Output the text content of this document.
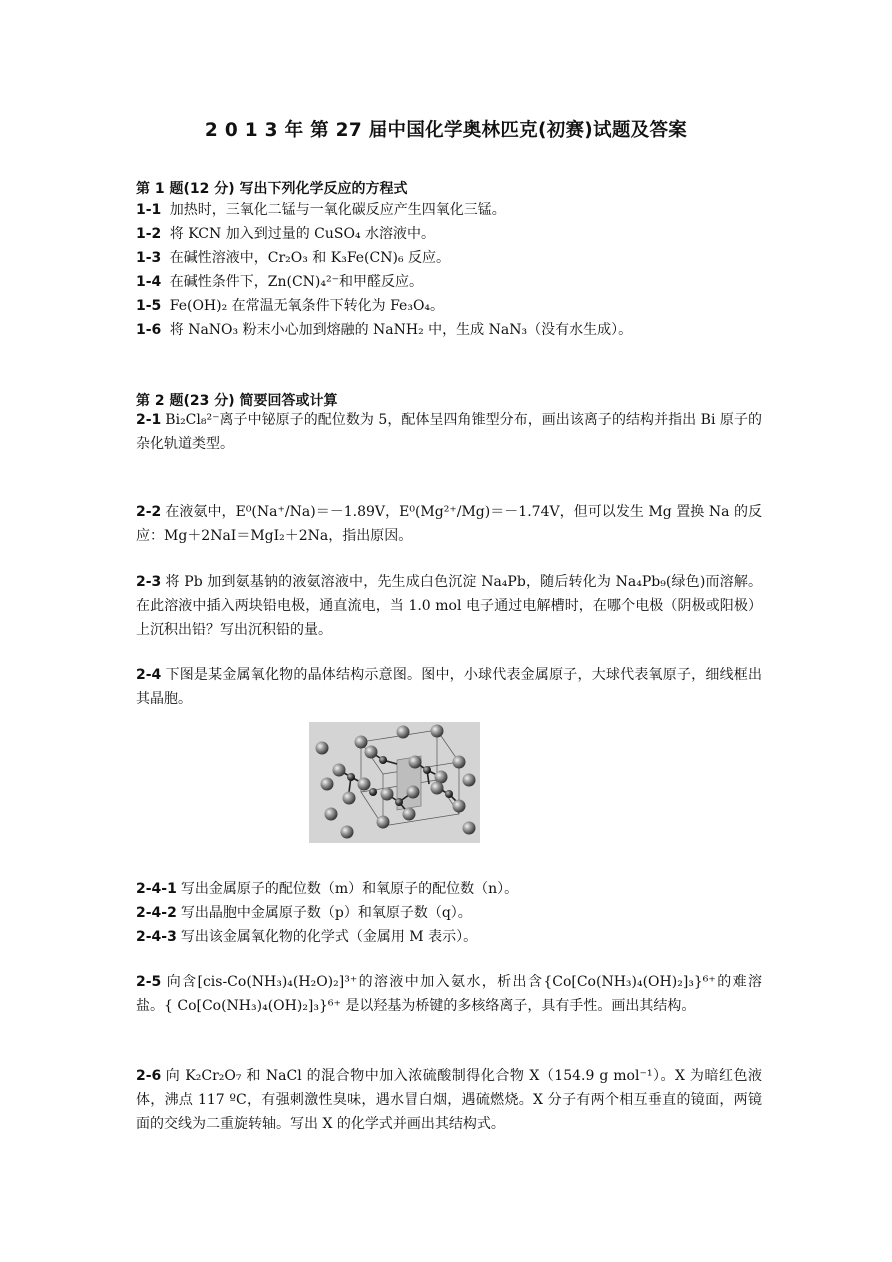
2 0 1 3 年 第 27 届中国化学奥林匹克(初赛)试题及答案
第 1 题(12 分) 写出下列化学反应的方程式
1-1 加热时，三氧化二锰与一氧化碳反应产生四氧化三锰。
1-2 将 KCN 加入到过量的 CuSO₄ 水溶液中。
1-3 在碱性溶液中，Cr₂O₃ 和 K₃Fe(CN)₆ 反应。
1-4 在碱性条件下，Zn(CN)₄²⁻和甲醛反应。
1-5 Fe(OH)₂ 在常温无氧条件下转化为 Fe₃O₄。
1-6 将 NaNO₃ 粉末小心加到熔融的 NaNH₂ 中，生成 NaN₃（没有水生成）。
第 2 题(23 分) 简要回答或计算
2-1 Bi₂Cl₈²⁻离子中铋原子的配位数为 5，配体呈四角锥型分布，画出该离子的结构并指出 Bi 原子的杂化轨道类型。
2-2 在液氨中，E⁰(Na⁺/Na)＝－1.89V，E⁰(Mg²⁺/Mg)＝－1.74V，但可以发生 Mg 置换 Na 的反应：Mg＋2NaI＝MgI₂＋2Na，指出原因。
2-3 将 Pb 加到氨基钠的液氨溶液中，先生成白色沉淀 Na₄Pb，随后转化为 Na₄Pb₉(绿色)而溶解。在此溶液中插入两块铅电极，通直流电，当 1.0 mol 电子通过电解槽时，在哪个电极（阴极或阳极）上沉积出铅？写出沉积铅的量。
2-4 下图是某金属氧化物的晶体结构示意图。图中，小球代表金属原子，大球代表氧原子，细线框出其晶胞。
2-4-1 写出金属原子的配位数（m）和氧原子的配位数（n）。
2-4-2 写出晶胞中金属原子数（p）和氧原子数（q）。
2-4-3 写出该金属氧化物的化学式（金属用 M 表示）。
2-5 向含[cis-Co(NH₃)₄(H₂O)₂]³⁺的溶液中加入氨水，析出含{Co[Co(NH₃)₄(OH)₂]₃}⁶⁺的难溶盐。{ Co[Co(NH₃)₄(OH)₂]₃}⁶⁺ 是以羟基为桥键的多核络离子，具有手性。画出其结构。
2-6 向 K₂Cr₂O₇ 和 NaCl 的混合物中加入浓硫酸制得化合物 X（154.9 g mol⁻¹）。X 为暗红色液体，沸点 117 ºC，有强刺激性臭味，遇水冒白烟，遇硫燃烧。X 分子有两个相互垂直的镜面，两镜面的交线为二重旋转轴。写出 X 的化学式并画出其结构式。
